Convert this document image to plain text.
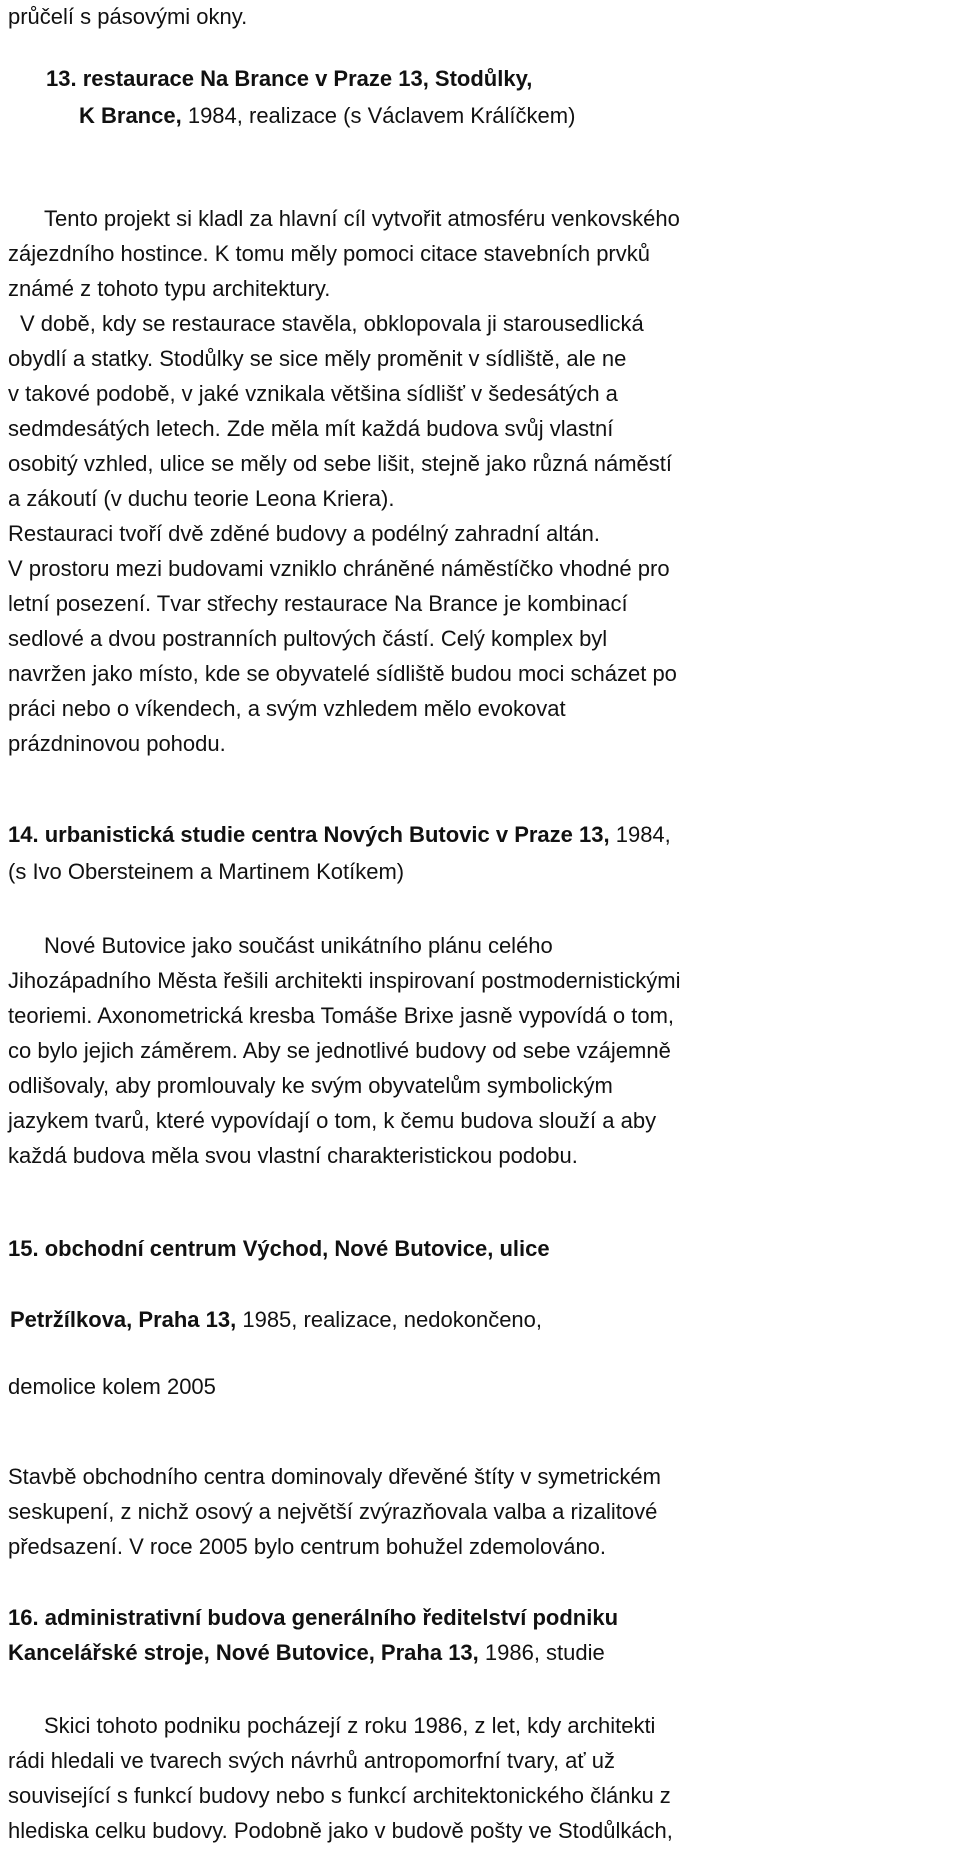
průčelí s pásovými okny.
13. restaurace Na Brance v Praze 13, Stodůlky,
K Brance, 1984, realizace (s Václavem Králíčkem)
Tento projekt si kladl za hlavní cíl vytvořit atmosféru venkovského
zájezdního hostince. K tomu měly pomoci citace stavebních prvků
známé z tohoto typu architektury.
V době, kdy se restaurace stavěla, obklopovala ji starousedlická
obydlí a statky. Stodůlky se sice měly proměnit v sídliště, ale ne
v takové podobě, v jaké vznikala většina sídlišť v šedesátých a
sedmdesátých letech. Zde měla mít každá budova svůj vlastní
osobitý vzhled, ulice se měly od sebe lišit, stejně jako různá náměstí
a zákoutí (v duchu teorie Leona Kriera).
Restauraci tvoří dvě zděné budovy a podélný zahradní altán.
V prostoru mezi budovami vzniklo chráněné náměstíčko vhodné pro
letní posezení. Tvar střechy restaurace Na Brance je kombinací
sedlové a dvou postranních pultových částí. Celý komplex byl
navržen jako místo, kde se obyvatelé sídliště budou moci scházet po
práci nebo o víkendech, a svým vzhledem mělo evokovat
prázdninovou pohodu.
14. urbanistická studie centra Nových Butovic v Praze 13, 1984,
(s Ivo Obersteinem a Martinem Kotíkem)
Nové Butovice jako součást unikátního plánu celého
Jihozápadního Města řešili architekti inspirovaní postmodernistickými
teoriemi. Axonometrická kresba Tomáše Brixe jasně vypovídá o tom,
co bylo jejich záměrem. Aby se jednotlivé budovy od sebe vzájemně
odlišovaly, aby promlouvaly ke svým obyvatelům symbolickým
jazykem tvarů, které vypovídají o tom, k čemu budova slouží a aby
každá budova měla svou vlastní charakteristickou podobu.
15. obchodní centrum Východ, Nové Butovice, ulice
Petržílkova, Praha 13, 1985, realizace, nedokončeno,
demolice kolem 2005
Stavbě obchodního centra dominovaly dřevěné štíty v symetrickém
seskupení, z nichž osový a největší zvýrazňovala valba a rizalitové
předsazení. V roce 2005 bylo centrum bohužel zdemolováno.
16. administrativní budova generálního ředitelství podniku
Kancelářské stroje, Nové Butovice, Praha 13, 1986, studie
Skici tohoto podniku pocházejí z roku 1986, z let, kdy architekti
rádi hledali ve tvarech svých návrhů antropomorfní tvary, ať už
související s funkcí budovy nebo s funkcí architektonického článku z
hlediska celku budovy. Podobně jako v budově pošty ve Stodůlkách,
